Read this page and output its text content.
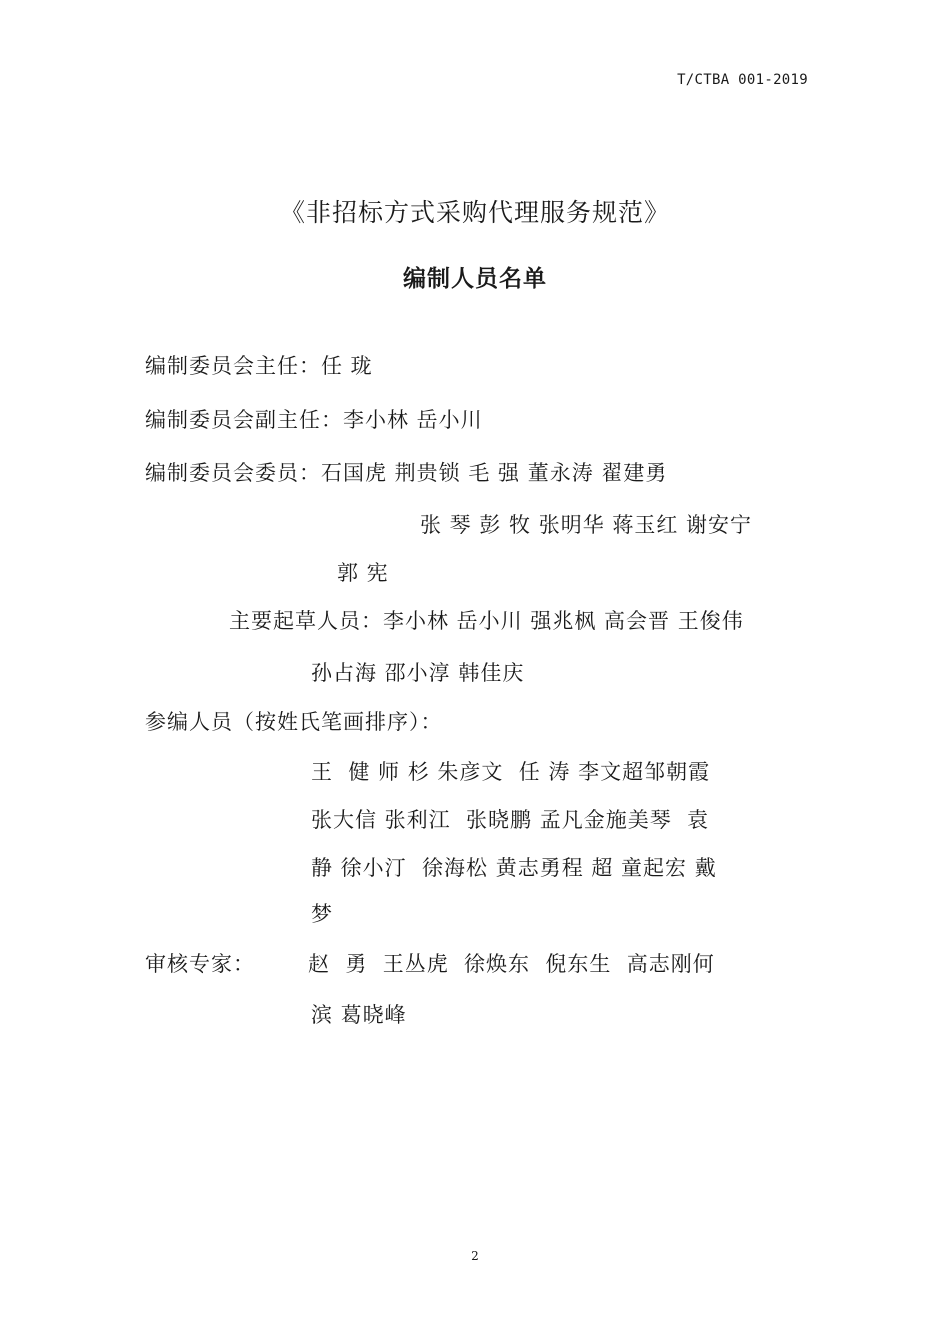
T/CTBA 001-2019
《非招标方式采购代理服务规范》
编制人员名单
编制委员会主任：任 珑
编制委员会副主任：李小林 岳小川
编制委员会委员：石国虎 荆贵锁 毛 强 董永涛 翟建勇
张 琴 彭 牧 张明华 蒋玉红 谢安宁
郭 宪
主要起草人员：李小林 岳小川 强兆枫 高会晋 王俊伟
孙占海 邵小淳 韩佳庆
参编人员（按姓氏笔画排序）：
王  健 师 杉 朱彦文  任 涛 李文超邹朝霞
张大信 张利江  张晓鹏 孟凡金施美琴  袁
静 徐小汀  徐海松 黄志勇程 超 童起宏 戴
梦
审核专家：	赵  勇  王丛虎  徐焕东  倪东生  高志刚何
滨 葛晓峰
2
